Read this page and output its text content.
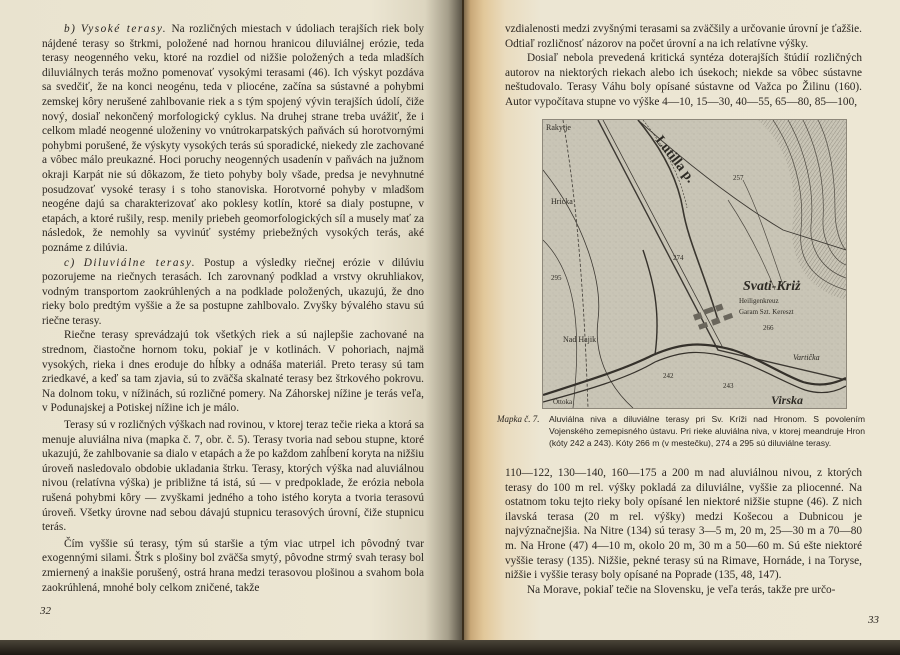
b) Vysoké terasy. Na rozličných miestach v údoliach terajších riek boly nájdené terasy so štrkmi, položené nad hornou hranicou diluviálnej erózie, teda terasy neogenného veku, ktoré na rozdiel od nižšie položených a teda mladších diluviálnych terás možno pomenovať vysokými terasami (46). Ich výskyt pozdáva sa svedčiť, že na konci neogénu, teda v pliocéne, začína sa sústavné a pohybmi zemskej kôry nerušené zahlbovanie riek a s tým spojený vývin terajších údolí, čiže nový, dosiaľ nekončený morfologický cyklus. Na druhej strane treba uvážiť, že i celkom mladé neogenné uloženiny vo vnútrokarpatských paňvách sú horotvornými pohybmi porušené, že výskyty vysokých terás sú sporadické, niekedy zle zachované a vôbec málo preukazné. Hoci poruchy neogenných usadenín v paňvách na južnom okraji Karpát nie sú dôkazom, že tieto pohyby boly všade, predsa je nevyhnutné posudzovať vysoké terasy i s toho stanoviska. Horotvorné pohyby v mladšom neogéne dajú sa charakterizovať ako poklesy kotlín, ktoré sa dialy postupne, v etapách, a ktoré rušily, resp. menily priebeh geomorfologických síl a musely mať za následok, že nemohly sa vyvinúť systémy priebežných vysokých terás, aké poznáme z dilúvia.

c) Diluviálne terasy. Postup a výsledky riečnej erózie v dilúviu pozorujeme na riečnych terasách. Ich zarovnaný podklad a vrstvy okruhliakov, vodným transportom zaokrúhlených a na podklade položených, ukazujú, že dno rieky bolo predtým vyššie a že sa postupne zahlbovalo. Zvyšky bývalého stavu sú riečne terasy.

Riečne terasy sprevádzajú tok všetkých riek a sú najlepšie zachované na strednom, čiastočne hornom toku, pokiaľ je v kotlinách. V pohoriach, najmä vysokých, rieka i dnes eroduje do hĺbky a odnáša materiál. Preto terasy sú tam zriedkavé, a keď sa tam zjavia, sú to zväčša skalnaté terasy bez štrkového pokrovu. Na dolnom toku, v nížinách, sú rozličné pomery. Na Záhorskej nížine je terás veľa, v Podunajskej a Potiskej nížine ich je málo.

Terasy sú v rozličných výškach nad rovinou, v ktorej teraz tečie rieka a ktorá sa menuje aluviálna niva (mapka č. 7, obr. č. 5). Terasy tvoria nad sebou stupne, ktoré ukazujú, že zahlbovanie sa dialo v etapách a že po každom zahĺbení koryta na nižšiu úroveň nasledovalo obdobie ukladania štrku. Terasy, ktorých výška nad aluviálnou nivou (relatívna výška) je približne tá istá, sú — v predpoklade, že erózia nebola rušená pohybmi kôry — zvyškami jedného a toho istého koryta a tvoria terasovú úroveň. Všetky úrovne nad sebou dávajú stupnicu terasových úrovní, čiže stupnicu terás.

Čím vyššie sú terasy, tým sú staršie a tým viac utrpel ich pôvodný tvar exogennými silami. Štrk s plošiny bol zväčša smytý, pôvodne strmý svah terasy bol zmiernený a inakšie porušený, ostrá hrana medzi terasovou plošinou a svahom bola zaokrúhlená, mnohé boly celkom zničené, takže

32

vzdialenosti medzi zvyšnými terasami sa zväčšily a určovanie úrovní je ťažšie. Odtiaľ rozličnosť názorov na počet úrovní a na ich relatívne výšky.

Dosiaľ nebola prevedená kritická syntéza doterajších štúdií rozličných autorov na niektorých riekach alebo ich úsekoch; niekde sa vôbec sústavne neštudovalo. Terasy Váhu boly opísané sústavne od Važca po Žilinu (160). Autor vypočítava stupne vo výške 4—10, 15—30, 40—55, 65—80, 85—100,

Rakytje
Lutilla p.
Hricka
Svati-Kriż
Heiligenkreuz
Garam Szt. Kereszt
Nad Hajik
Vartička
Virska
Ottoka
257
295
274
266
242
243
Mapka č. 7. Aluviálna niva a diluviálne terasy pri Sv. Kríži nad Hronom. S povolením Vojenského zemepisného ústavu. Pri rieke aluviálna niva, v ktorej meandruje Hron (kóty 242 a 243). Kóty 266 m (v mestečku), 274 a 295 sú diluviálne terasy.

110—122, 130—140, 160—175 a 200 m nad aluviálnou nivou, z ktorých terasy do 100 m rel. výšky pokladá za diluviálne, vyššie za pliocenné. Na ostatnom toku tejto rieky boly opísané len niektoré nižšie stupne (46). Z nich ilavská terasa (20 m rel. výšky) medzi Košecou a Dubnicou je najvýznačnejšia. Na Nitre (134) sú terasy 3—5 m, 20 m, 25—30 m a 70—80 m. Na Hrone (47) 4—10 m, okolo 20 m, 30 m a 50—60 m. Sú ešte niektoré vyššie terasy (135). Nižšie, pekné terasy sú na Rimave, Hornáde, i na Toryse, nižšie i vyššie terasy boly opísané na Poprade (135, 48, 147).

Na Morave, pokiaľ tečie na Slovensku, je veľa terás, takže pre určo-

33
